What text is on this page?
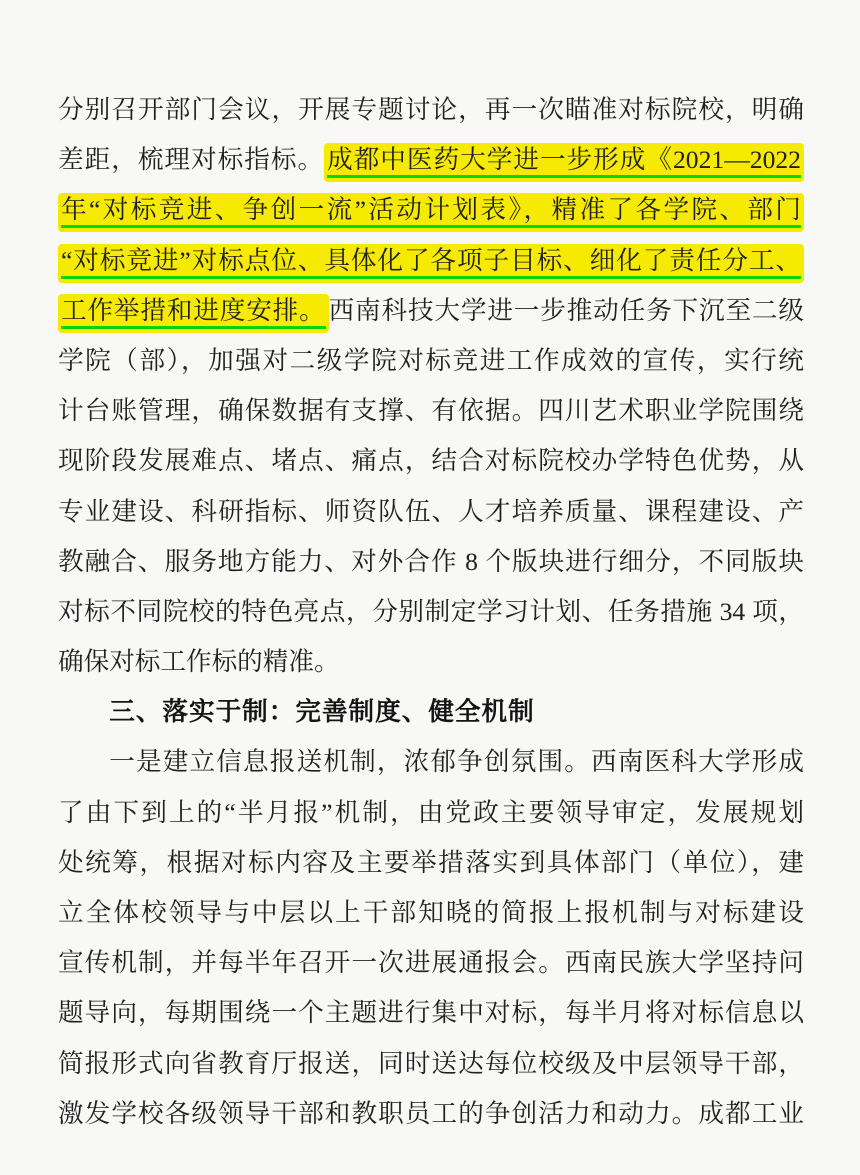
分别召开部门会议，开展专题讨论，再一次瞄准对标院校，明确
差距，梳理对标指标。 成都中医药大学进一步形成《2021—2022
年“对标竞进、争创一流”活动计划表》，精准了各学院、部门
“对标竞进”对标点位、具体化了各项子目标、细化了责任分工、
工作举措和进度安排。 西南科技大学进一步推动任务下沉至二级
学院（部），加强对二级学院对标竞进工作成效的宣传，实行统
计台账管理，确保数据有支撑、有依据。四川艺术职业学院围绕
现阶段发展难点、堵点、痛点，结合对标院校办学特色优势，从
专业建设、科研指标、师资队伍、人才培养质量、课程建设、产
教融合、服务地方能力、对外合作 8 个版块进行细分，不同版块
对标不同院校的特色亮点，分别制定学习计划、任务措施 34 项，
确保对标工作标的精准。
三、落实于制：完善制度、健全机制
一是建立信息报送机制，浓郁争创氛围。西南医科大学形成
了由下到上的“半月报”机制，由党政主要领导审定，发展规划
处统筹，根据对标内容及主要举措落实到具体部门（单位），建
立全体校领导与中层以上干部知晓的简报上报机制与对标建设
宣传机制，并每半年召开一次进展通报会。西南民族大学坚持问
题导向，每期围绕一个主题进行集中对标，每半月将对标信息以
简报形式向省教育厅报送，同时送达每位校级及中层领导干部，
激发学校各级领导干部和教职员工的争创活力和动力。成都工业
